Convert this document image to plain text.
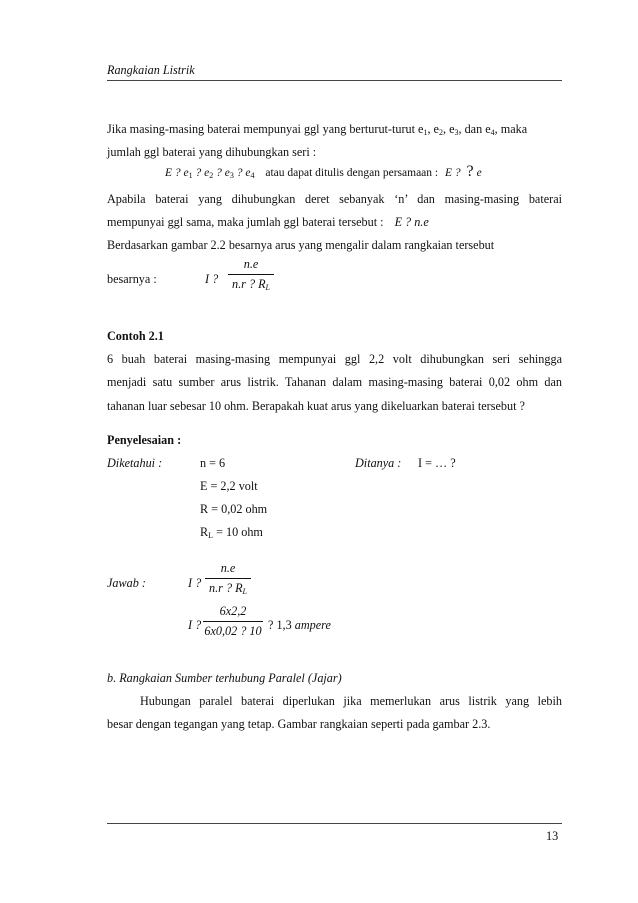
Rangkaian Listrik
Jika masing-masing baterai mempunyai ggl yang berturut-turut $e_1$, $e_2$, $e_3$, dan $e_4$, maka
jumlah ggl baterai yang dihubungkan seri :
E ? $e_1$ ? $e_2$ ? $e_3$ ? $e_4$ atau dapat ditulis dengan persamaan : E ? ? e
Apabila baterai yang dihubungkan deret sebanyak ‘n’ dan masing-masing baterai
mempunyai ggl sama, maka jumlah ggl baterai tersebut : E ? n.e
Berdasarkan gambar 2.2 besarnya arus yang mengalir dalam rangkaian tersebut
besarnya :	I ?
n.e
n.r ? $R_L$
Contoh 2.1
6 buah baterai masing-masing mempunyai ggl 2,2 volt dihubungkan seri sehingga
menjadi satu sumber arus listrik. Tahanan dalam masing-masing baterai 0,02 ohm dan
tahanan luar sebesar 10 ohm. Berapakah kuat arus yang dikeluarkan baterai tersebut ?
Penyelesaian :
Diketahui :	n = 6	Ditanya : I = … ?
E = 2,2 volt
R = 0,02 ohm
$R_L = 10$ ohm
Jawab :	I ?
n.e
n.r ? $R_L$
I ?
6x2,2
6x0,02 ? 10 ? 1,3 ampere
b. Rangkaian Sumber terhubung Paralel (Jajar)
Hubungan paralel baterai diperlukan jika memerlukan arus listrik yang lebih
besar dengan tegangan yang tetap. Gambar rangkaian seperti pada gambar 2.3.
13
